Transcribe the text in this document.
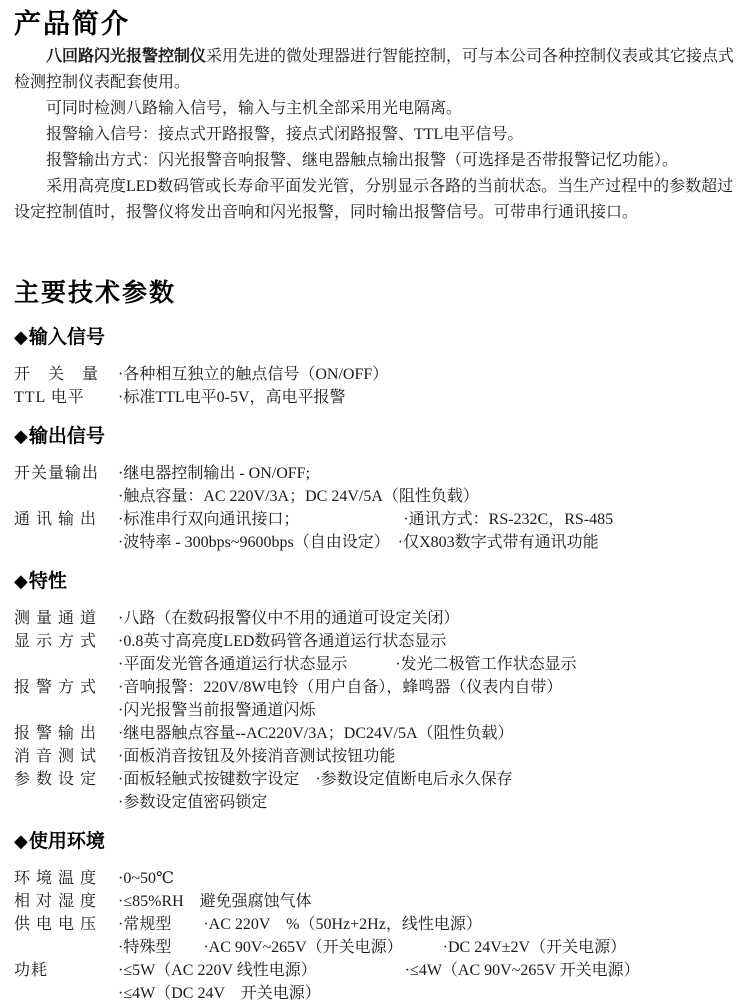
产品简介

八回路闪光报警控制仪采用先进的微处理器进行智能控制，可与本公司各种控制仪表或其它接点式检测控制仪表配套使用。

可同时检测八路输入信号，输入与主机全部采用光电隔离。

报警输入信号：接点式开路报警，接点式闭路报警、TTL电平信号。

报警输出方式：闪光报警音响报警、继电器触点输出报警（可选择是否带报警记忆功能）。

采用高亮度LED数码管或长寿命平面发光管，分别显示各路的当前状态。当生产过程中的参数超过设定控制值时，报警仪将发出音响和闪光报警，同时输出报警信号。可带串行通讯接口。

主要技术参数
◆输入信号
开　关　量	·各种相互独立的触点信号（ON/OFF）
TTL 电平	·标准TTL电平0-5V，高电平报警
◆输出信号
开关量输出	·继电器控制输出 - ON/OFF;
·触点容量：AC 220V/3A；DC 24V/5A（阻性负载）
通 讯 输 出	·标准串行双向通讯接口；　　　　　　　·通讯方式：RS-232C，RS-485
·波特率 - 300bps~9600bps（自由设定）　·仅X803数字式带有通讯功能
◆特性
测 量 通 道	·八路（在数码报警仪中不用的通道可设定关闭）
显 示 方 式	·0.8英寸高亮度LED数码管各通道运行状态显示
·平面发光管各通道运行状态显示　　　·发光二极管工作状态显示
报 警 方 式	·音响报警：220V/8W电铃（用户自备），蜂鸣器（仪表内自带）
·闪光报警当前报警通道闪烁
报 警 输 出	·继电器触点容量--AC220V/3A；DC24V/5A（阻性负载）
消 音 测 试	·面板消音按钮及外接消音测试按钮功能
参 数 设 定	·面板轻触式按键数字设定　·参数设定值断电后永久保存
·参数设定值密码锁定
◆使用环境
环 境 温 度	·0~50℃
相 对 湿 度	·≤85%RH　避免强腐蚀气体
供 电 电 压	·常规型　　·AC 220V　%（50Hz+2Hz，线性电源）
·特殊型　　·AC 90V~265V（开关电源）　　　·DC 24V±2V（开关电源）
功耗	·≤5W（AC 220V 线性电源）　　　　　　·≤4W（AC 90V~265V 开关电源）
·≤4W（DC 24V　开关电源）
